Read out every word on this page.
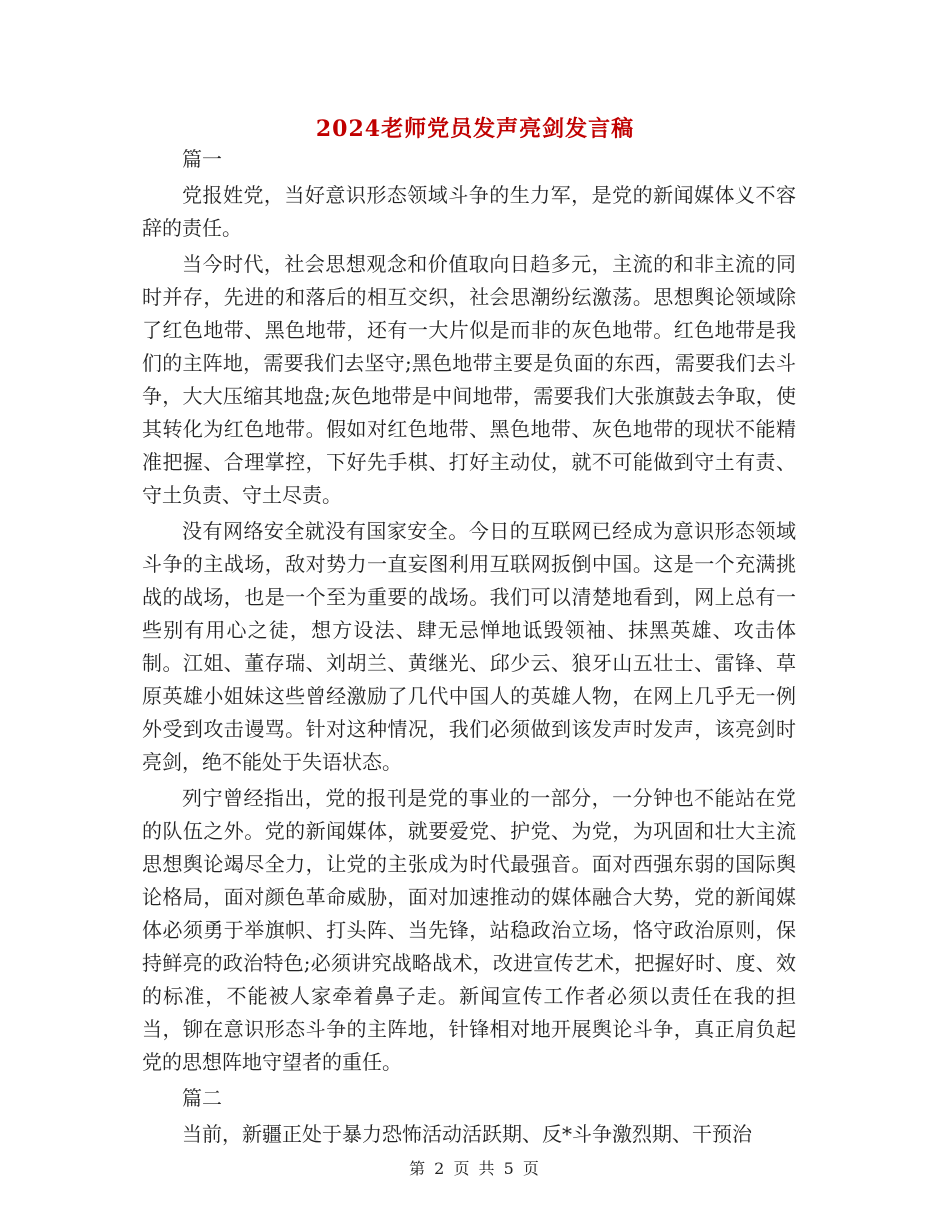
2024老师党员发声亮剑发言稿

篇一

党报姓党，当好意识形态领域斗争的生力军，是党的新闻媒体义不容辞的责任。

当今时代，社会思想观念和价值取向日趋多元，主流的和非主流的同时并存，先进的和落后的相互交织，社会思潮纷纭激荡。思想舆论领域除了红色地带、黑色地带，还有一大片似是而非的灰色地带。红色地带是我们的主阵地，需要我们去坚守;黑色地带主要是负面的东西，需要我们去斗争，大大压缩其地盘;灰色地带是中间地带，需要我们大张旗鼓去争取，使其转化为红色地带。假如对红色地带、黑色地带、灰色地带的现状不能精准把握、合理掌控，下好先手棋、打好主动仗，就不可能做到守土有责、守土负责、守土尽责。

没有网络安全就没有国家安全。今日的互联网已经成为意识形态领域斗争的主战场，敌对势力一直妄图利用互联网扳倒中国。这是一个充满挑战的战场，也是一个至为重要的战场。我们可以清楚地看到，网上总有一些别有用心之徒，想方设法、肆无忌惮地诋毁领袖、抹黑英雄、攻击体制。江姐、董存瑞、刘胡兰、黄继光、邱少云、狼牙山五壮士、雷锋、草原英雄小姐妹这些曾经激励了几代中国人的英雄人物，在网上几乎无一例外受到攻击谩骂。针对这种情况，我们必须做到该发声时发声，该亮剑时亮剑，绝不能处于失语状态。

列宁曾经指出，党的报刊是党的事业的一部分，一分钟也不能站在党的队伍之外。党的新闻媒体，就要爱党、护党、为党，为巩固和壮大主流思想舆论竭尽全力，让党的主张成为时代最强音。面对西强东弱的国际舆论格局，面对颜色革命威胁，面对加速推动的媒体融合大势，党的新闻媒体必须勇于举旗帜、打头阵、当先锋，站稳政治立场，恪守政治原则，保持鲜亮的政治特色;必须讲究战略战术，改进宣传艺术，把握好时、度、效的标准，不能被人家牵着鼻子走。新闻宣传工作者必须以责任在我的担当，铆在意识形态斗争的主阵地，针锋相对地开展舆论斗争，真正肩负起党的思想阵地守望者的重任。

篇二

当前，新疆正处于暴力恐怖活动活跃期、反*斗争激烈期、干预治

第 2 页 共 5 页
